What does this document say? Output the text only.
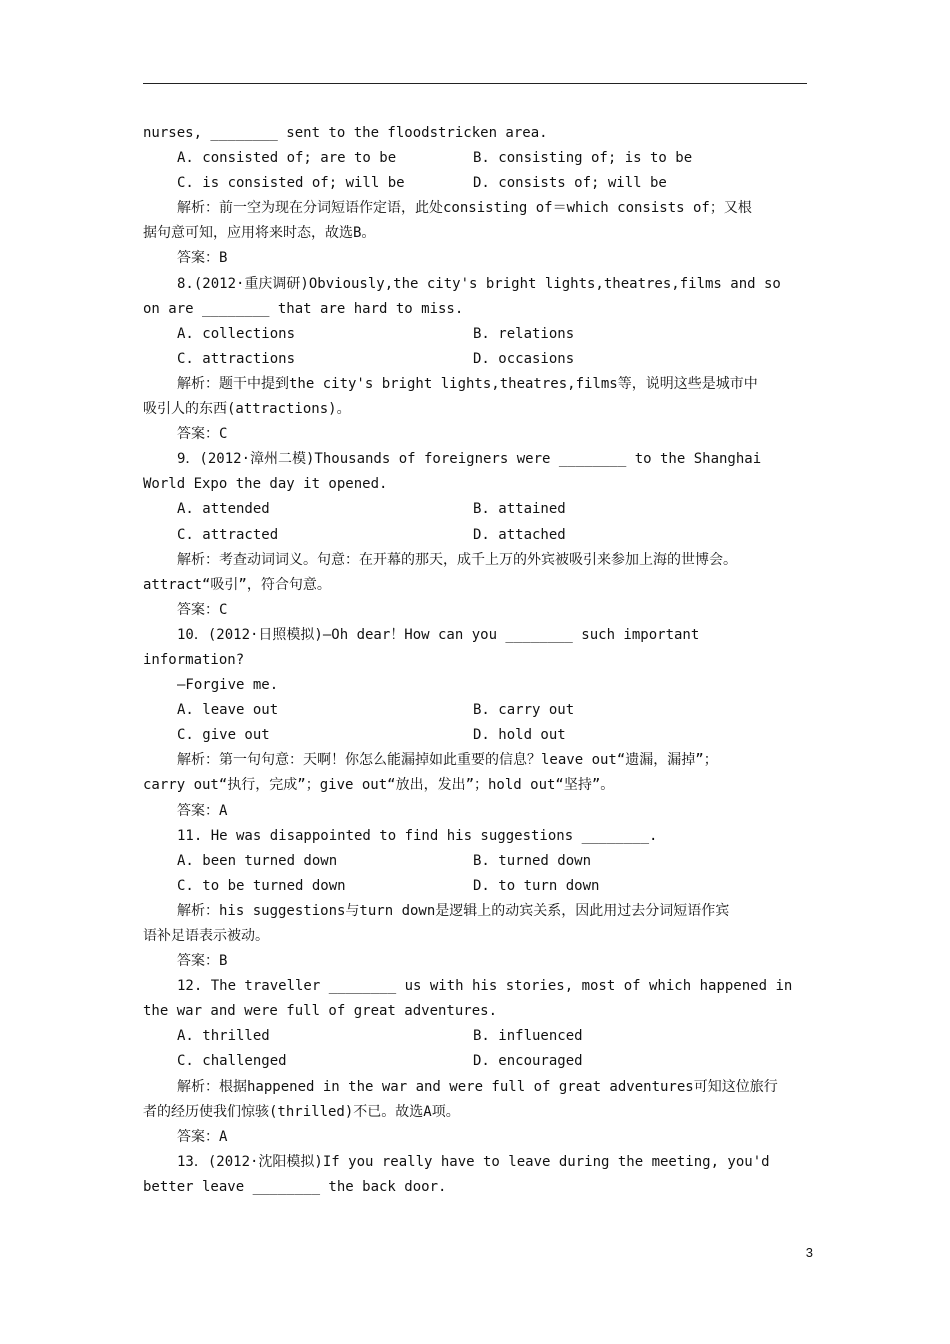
nurses, ________ sent to the floodstricken area.
A. consisted of; are to be	B. consisting of; is to be
C. is consisted of; will be	D. consists of; will be
解析：前一空为现在分词短语作定语，此处consisting of＝which consists of；又根
据句意可知，应用将来时态，故选B。
答案：B
8.(2012·重庆调研)Obviously,the city's bright lights,theatres,films and so
on are ________ that are hard to miss.
A. collections	B. relations
C. attractions	D. occasions
解析：题干中提到the city's bright lights,theatres,films等，说明这些是城市中
吸引人的东西(attractions)。
答案：C
9．(2012·漳州二模)Thousands of foreigners were ________ to the Shanghai
World Expo the day it opened.
A. attended	B. attained
C. attracted	D. attached
解析：考查动词词义。句意：在开幕的那天，成千上万的外宾被吸引来参加上海的世博会。
attract“吸引”，符合句意。
答案：C
10．(2012·日照模拟)—Oh dear！How can you ________ such important
information?
—Forgive me.
A. leave out	B. carry out
C. give out	D. hold out
解析：第一句句意：天啊！你怎么能漏掉如此重要的信息？leave out“遗漏，漏掉”；
carry out“执行，完成”；give out“放出，发出”；hold out“坚持”。
答案：A
11. He was disappointed to find his suggestions ________.
A. been turned down	B. turned down
C. to be turned down	D. to turn down
解析：his suggestions与turn down是逻辑上的动宾关系，因此用过去分词短语作宾
语补足语表示被动。
答案：B
12. The traveller ________ us with his stories, most of which happened in
the war and were full of great adventures.
A. thrilled	B. influenced
C. challenged	D. encouraged
解析：根据happened in the war and were full of great adventures可知这位旅行
者的经历使我们惊骇(thrilled)不已。故选A项。
答案：A
13．(2012·沈阳模拟)If you really have to leave during the meeting, you'd
better leave ________ the back door.
3
